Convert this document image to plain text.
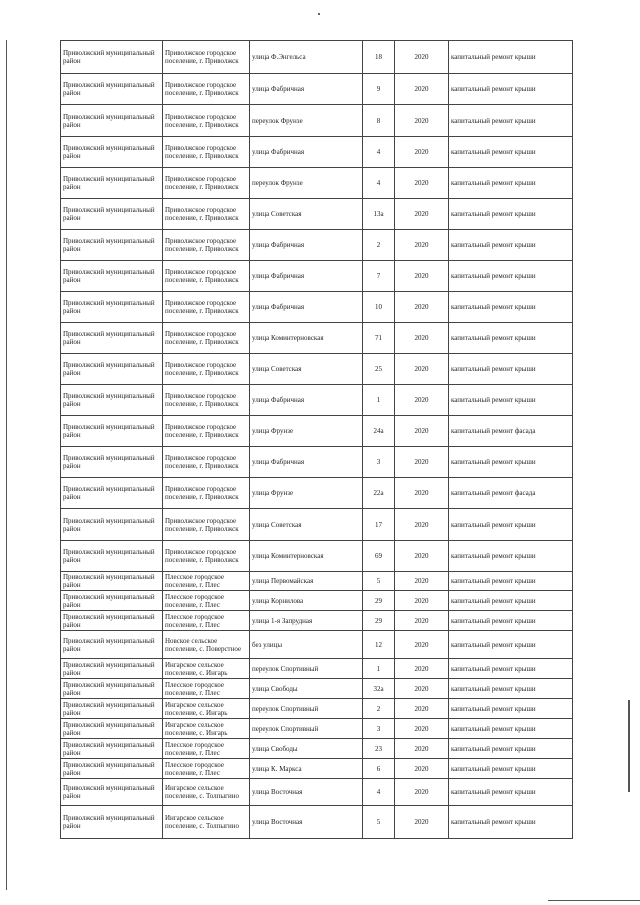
Приволжский муниципальный район	Приволжское городское поселение, г. Приволжск	улица Ф.Энгельса	18	2020	капитальный ремонт крыши
Приволжский муниципальный район	Приволжское городское поселение, г. Приволжск	улица Фабричная	9	2020	капитальный ремонт крыши
Приволжский муниципальный район	Приволжское городское поселение, г. Приволжск	переулок Фрунзе	8	2020	капитальный ремонт крыши
Приволжский муниципальный район	Приволжское городское поселение, г. Приволжск	улица Фабричная	4	2020	капитальный ремонт крыши
Приволжский муниципальный район	Приволжское городское поселение, г. Приволжск	переулок Фрунзе	4	2020	капитальный ремонт крыши
Приволжский муниципальный район	Приволжское городское поселение, г. Приволжск	улица Советская	13а	2020	капитальный ремонт крыши
Приволжский муниципальный район	Приволжское городское поселение, г. Приволжск	улица Фабричная	2	2020	капитальный ремонт крыши
Приволжский муниципальный район	Приволжское городское поселение, г. Приволжск	улица Фабричная	7	2020	капитальный ремонт крыши
Приволжский муниципальный район	Приволжское городское поселение, г. Приволжск	улица Фабричная	10	2020	капитальный ремонт крыши
Приволжский муниципальный район	Приволжское городское поселение, г. Приволжск	улица Коминтерновская	71	2020	капитальный ремонт крыши
Приволжский муниципальный район	Приволжское городское поселение, г. Приволжск	улица Советская	25	2020	капитальный ремонт крыши
Приволжский муниципальный район	Приволжское городское поселение, г. Приволжск	улица Фабричная	1	2020	капитальный ремонт крыши
Приволжский муниципальный район	Приволжское городское поселение, г. Приволжск	улица Фрунзе	24а	2020	капитальный ремонт фасада
Приволжский муниципальный район	Приволжское городское поселение, г. Приволжск	улица Фабричная	3	2020	капитальный ремонт крыши
Приволжский муниципальный район	Приволжское городское поселение, г. Приволжск	улица Фрунзе	22а	2020	капитальный ремонт фасада
Приволжский муниципальный район	Приволжское городское поселение, г. Приволжск	улица Советская	17	2020	капитальный ремонт крыши
Приволжский муниципальный район	Приволжское городское поселение, г. Приволжск	улица Коминтерновская	69	2020	капитальный ремонт крыши
Приволжский муниципальный район	Плесское городское поселение, г. Плес	улица Первомайская	5	2020	капитальный ремонт крыши
Приволжский муниципальный район	Плесское городское поселение, г. Плес	улица Корнилова	29	2020	капитальный ремонт крыши
Приволжский муниципальный район	Плесское городское поселение, г. Плес	улица 1-я Запрудная	29	2020	капитальный ремонт крыши
Приволжский муниципальный район	Новское сельское поселение, с. Поверстное	без улицы	12	2020	капитальный ремонт крыши
Приволжский муниципальный район	Ингарское сельское поселение, с. Ингарь	переулок Спортивный	1	2020	капитальный ремонт крыши
Приволжский муниципальный район	Плесское городское поселение, г. Плес	улица Свободы	32а	2020	капитальный ремонт крыши
Приволжский муниципальный район	Ингарское сельское поселение, с. Ингарь	переулок Спортивный	2	2020	капитальный ремонт крыши
Приволжский муниципальный район	Ингарское сельское поселение, с. Ингарь	переулок Спортивный	3	2020	капитальный ремонт крыши
Приволжский муниципальный район	Плесское городское поселение, г. Плес	улица Свободы	23	2020	капитальный ремонт крыши
Приволжский муниципальный район	Плесское городское поселение, г. Плес	улица К. Маркса	6	2020	капитальный ремонт крыши
Приволжский муниципальный район	Ингарское сельское поселение, с. Толпыгино	улица Восточная	4	2020	капитальный ремонт крыши
Приволжский муниципальный район	Ингарское сельское поселение, с. Толпыгино	улица Восточная	5	2020	капитальный ремонт крыши
